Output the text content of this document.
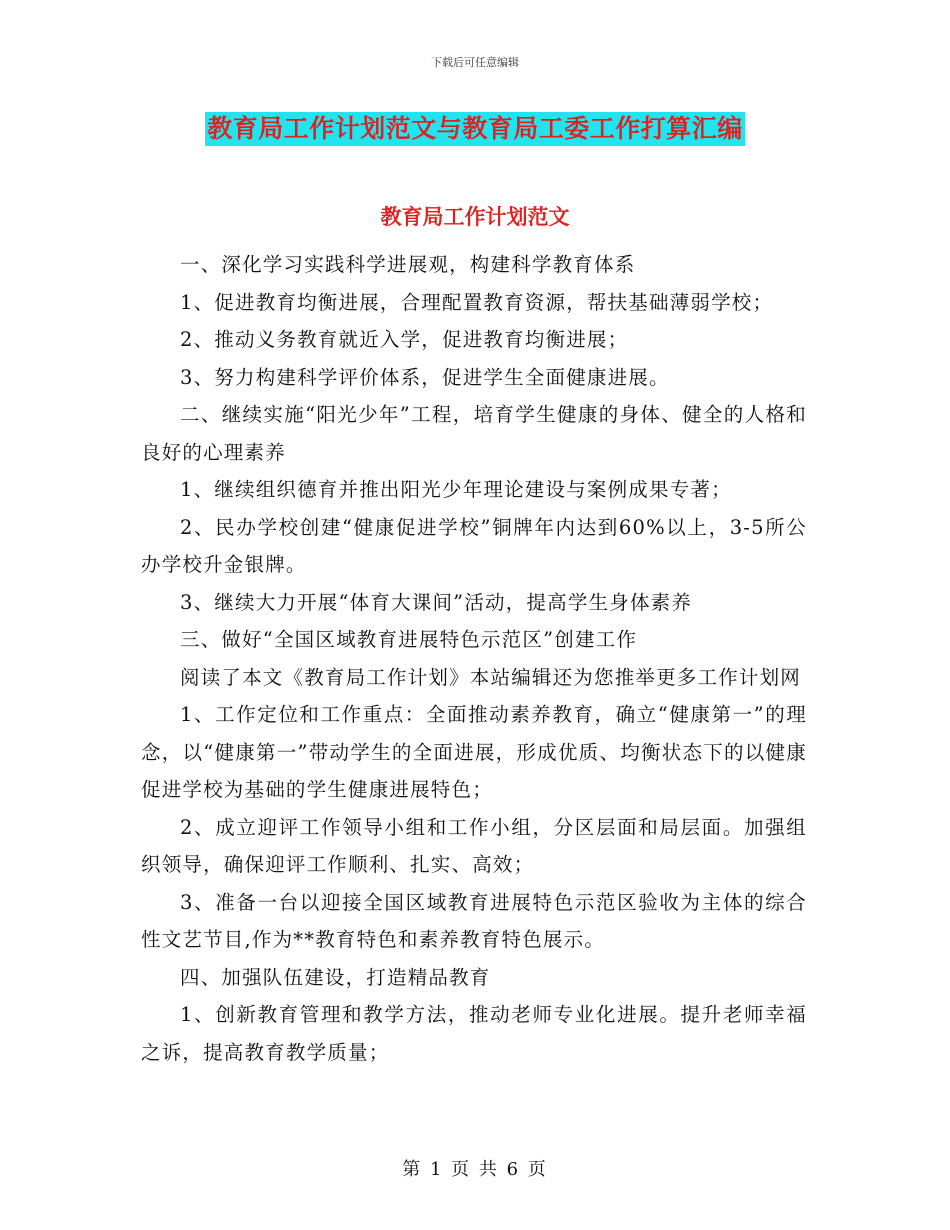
下载后可任意编辑
教育局工作计划范文与教育局工委工作打算汇编
教育局工作计划范文

一、深化学习实践科学进展观，构建科学教育体系

1、促进教育均衡进展，合理配置教育资源，帮扶基础薄弱学校；

2、推动义务教育就近入学，促进教育均衡进展；

3、努力构建科学评价体系，促进学生全面健康进展。

二、继续实施“阳光少年”工程，培育学生健康的身体、健全的人格和良好的心理素养

1、继续组织德育并推出阳光少年理论建设与案例成果专著；

2、民办学校创建“健康促进学校”铜牌年内达到60%以上，3-5所公办学校升金银牌。

3、继续大力开展“体育大课间”活动，提高学生身体素养

三、做好“全国区域教育进展特色示范区”创建工作

阅读了本文《教育局工作计划》本站编辑还为您推举更多工作计划网

1、工作定位和工作重点：全面推动素养教育，确立“健康第一”的理念，以“健康第一”带动学生的全面进展，形成优质、均衡状态下的以健康促进学校为基础的学生健康进展特色；

2、成立迎评工作领导小组和工作小组，分区层面和局层面。加强组织领导，确保迎评工作顺利、扎实、高效；

3、准备一台以迎接全国区域教育进展特色示范区验收为主体的综合性文艺节目,作为**教育特色和素养教育特色展示。

四、加强队伍建设，打造精品教育

1、创新教育管理和教学方法，推动老师专业化进展。提升老师幸福之诉，提高教育教学质量；

第 1 页 共 6 页
